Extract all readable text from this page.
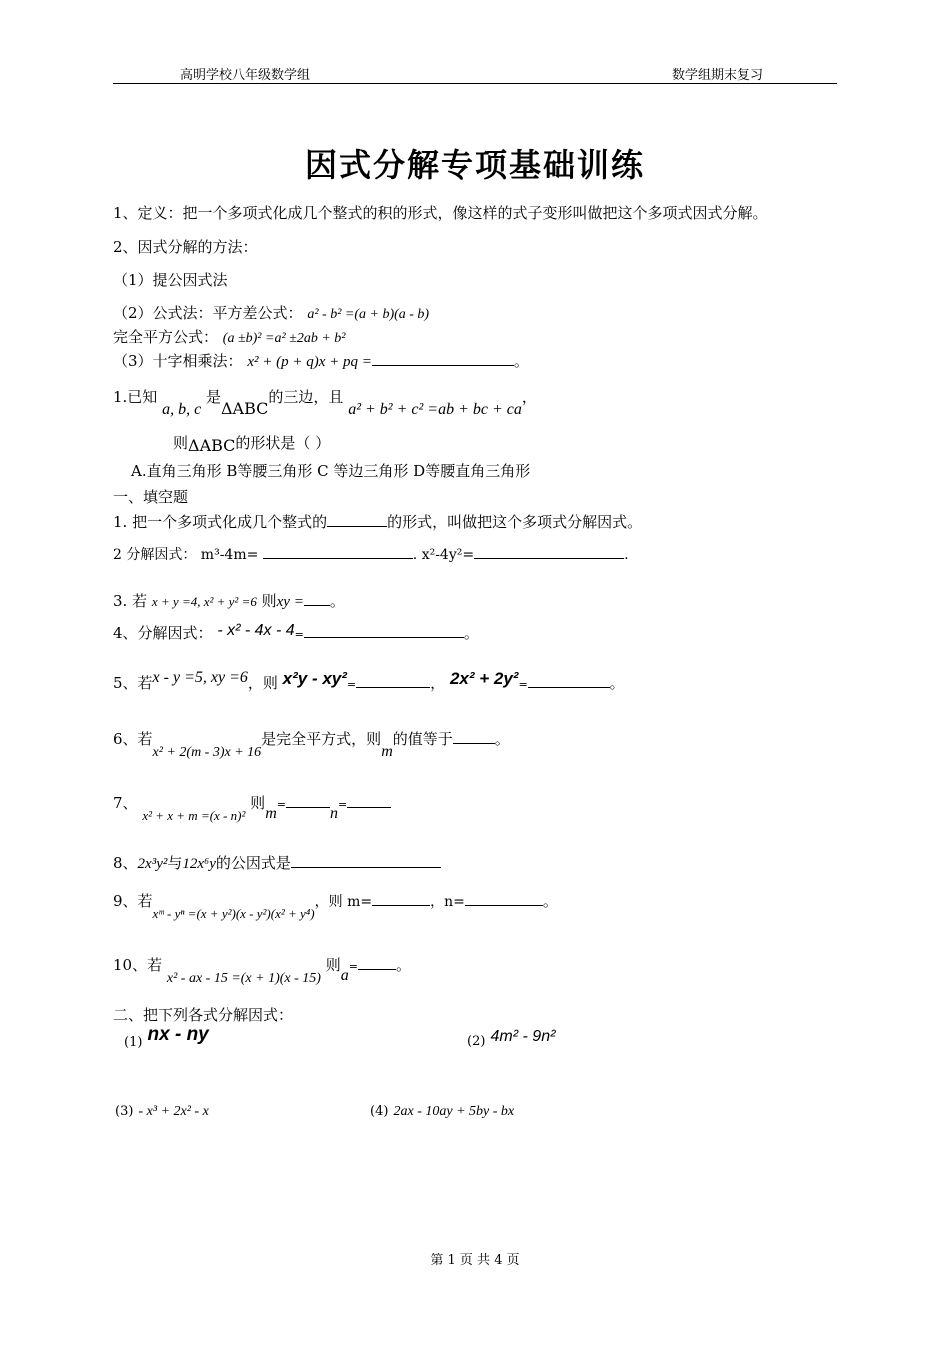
高明学校八年级数学组	数学组期末复习
因式分解专项基础训练
1、定义：把一个多项式化成几个整式的积的形式，像这样的式子变形叫做把这个多项式因式分解。
2、因式分解的方法：
（1）提公因式法
（2）公式法：平方差公式： a² - b² =(a + b)(a - b)
完全平方公式： (a ±b)² =a² ±2ab + b²
（3）十字相乘法： x² + (p + q)x + pq =	。
1.已知 a, b, c 是ΔABC的三边，且 a² + b² + c² =ab + bc + ca，
则ΔABC的形状是（ ）
A.直角三角形 B等腰三角形 C 等边三角形 D等腰直角三角形
一、填空题
1. 把一个多项式化成几个整式的	的形式，叫做把这个多项式分解因式。
2 分解因式： m³-4m=	. x²-4y²=	.
3. 若 x + y =4, x² + y² =6 则xy = 。
4、分解因式： - x² - 4x - 4=	。
5、若x - y =5, xy =6，则 x²y - xy²=	， 2x² + 2y²=	。
6、若x² + 2(m - 3)x + 16是完全平方式，则m的值等于	。
7、 x² + x + m =(x - n)² 则m=n=
8、2x³y²与12x⁶y的公因式是
9、若xᵐ - yⁿ =(x + y²)(x - y²)(x² + y⁴)，则 m=	，n=	。
10、若 x² - ax - 15 =(x + 1)(x - 15) 则a=	。
二、把下列各式分解因式：
(1) nx - ny	(2) 4m² - 9n²
(3) - x³ + 2x² - x	(4) 2ax - 10ay + 5by - bx
第 1 页 共 4 页
